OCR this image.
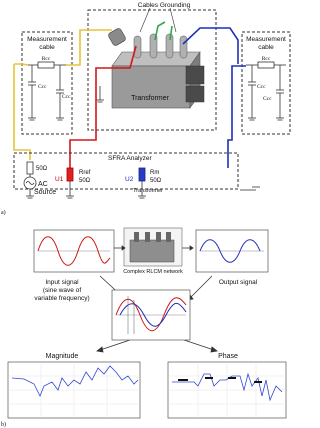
Measurement
cable
Rcc
Ccc
Ccc
Measurement
cable
Rcc
Ccc
Ccc
Cables Grounding
Transformer
Transformer
SFRA Analyzer
50Ω
AC
Source
U1
Rref
50Ω	U2
Rm
50Ω
a)
Complex RLCM network
Input signal
(sine wave of
variable frequency)
Output signal
Magnitude	Phase
b)
